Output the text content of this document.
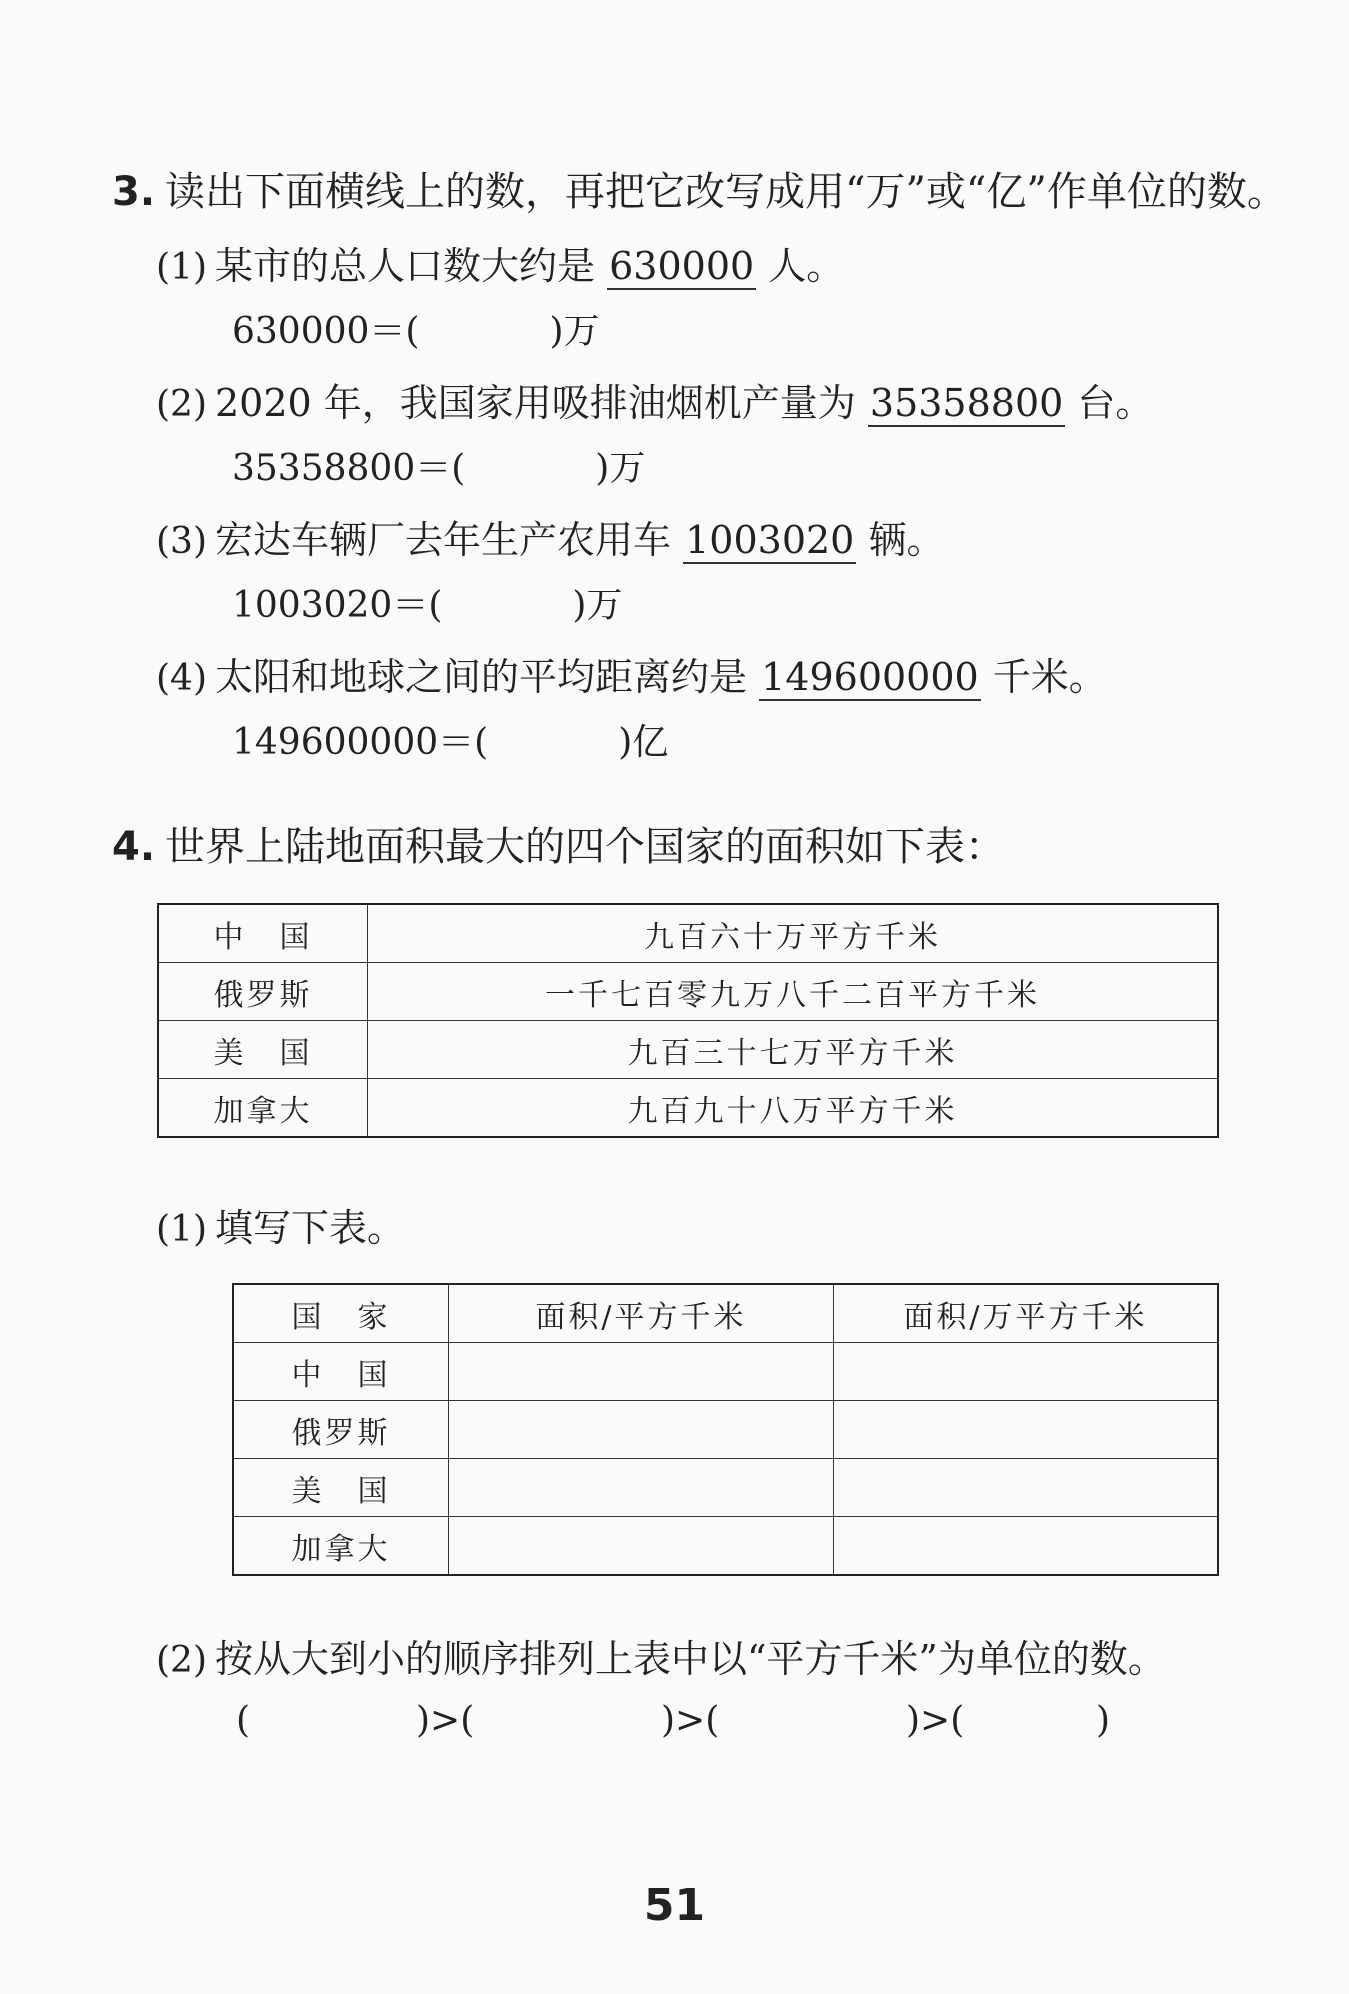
3. 读出下面横线上的数，再把它改写成用“万”或“亿”作单位的数。
(1) 某市的总人口数大约是 630000 人。
630000＝(	)万
(2) 2020 年，我国家用吸排油烟机产量为 35358800 台。
35358800＝(	)万
(3) 宏达车辆厂去年生产农用车 1003020 辆。
1003020＝(	)万
(4) 太阳和地球之间的平均距离约是 149600000 千米。
149600000＝(	)亿
4. 世界上陆地面积最大的四个国家的面积如下表：
中　国	九百六十万平方千米
俄罗斯	一千七百零九万八千二百平方千米
美　国	九百三十七万平方千米
加拿大	九百九十八万平方千米
(1) 填写下表。
国　家	面积/平方千米	面积/万平方千米
中　国		
俄罗斯		
美　国		
加拿大		
(2) 按从大到小的顺序排列上表中以“平方千米”为单位的数。
(	)>(	)>(	)>(	)
51
